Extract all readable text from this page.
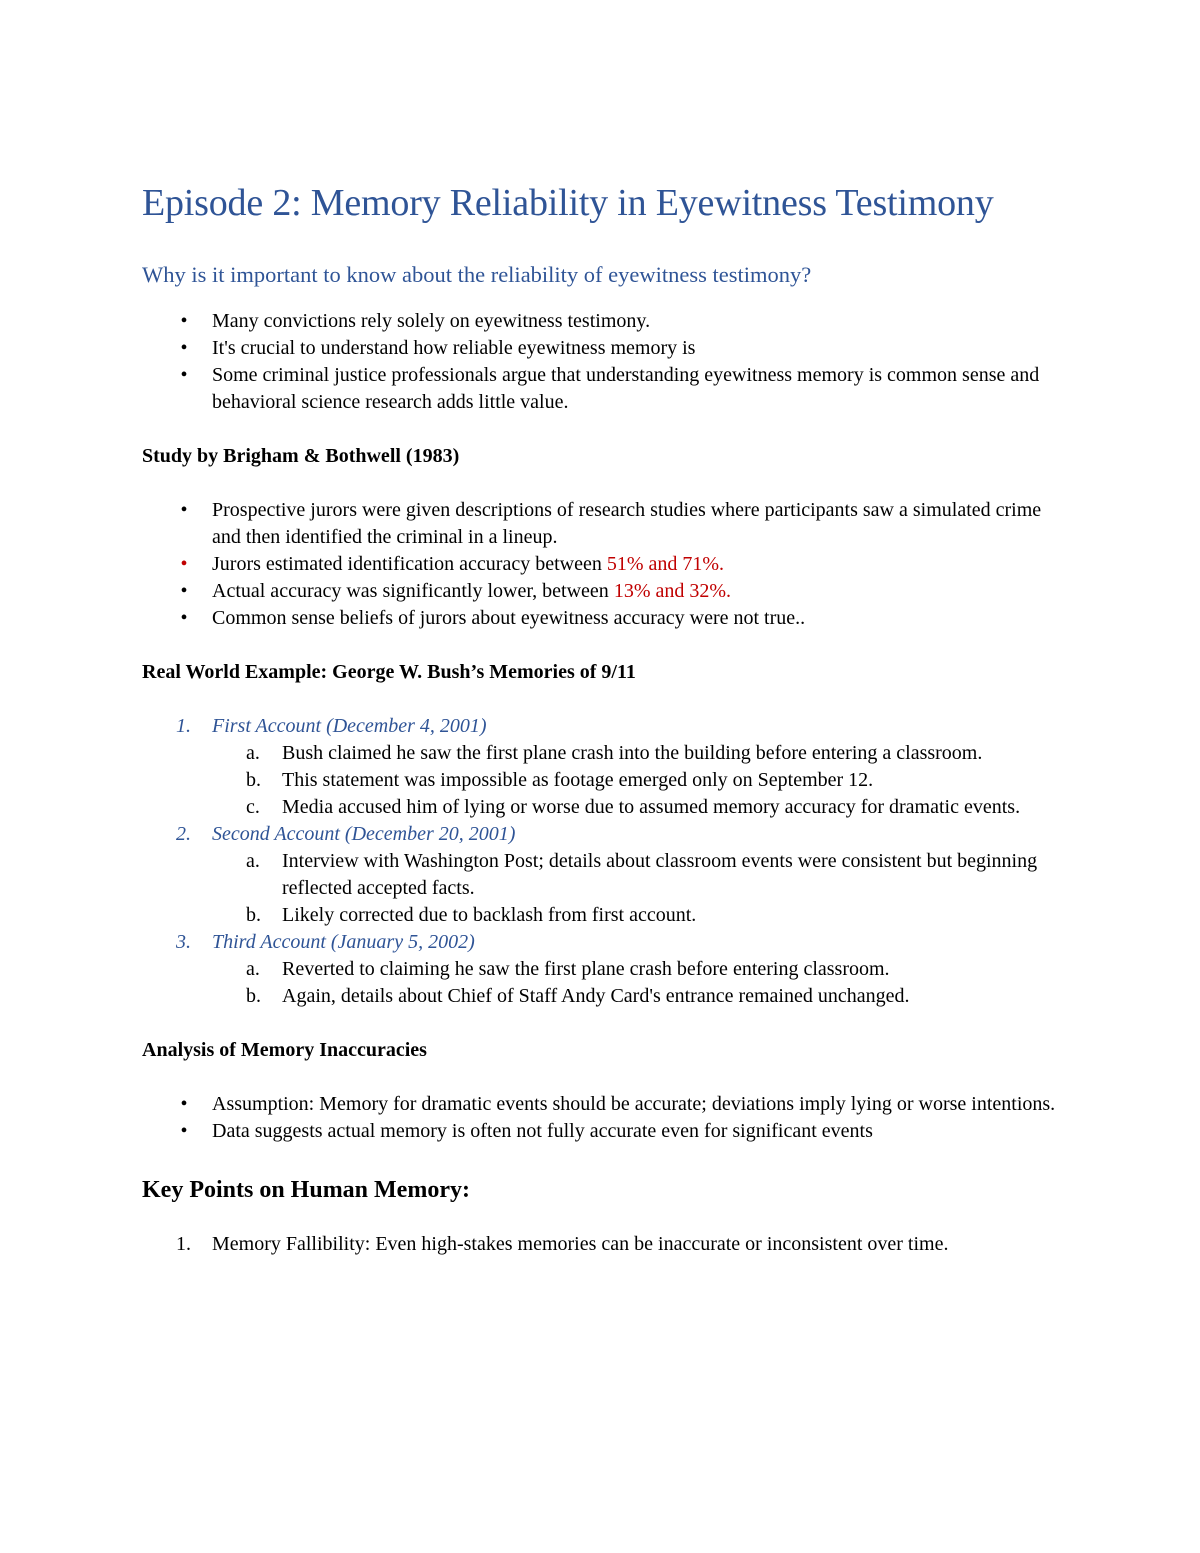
Episode 2: Memory Reliability in Eyewitness Testimony
Why is it important to know about the reliability of eyewitness testimony?
•	Many convictions rely solely on eyewitness testimony.
•	It's crucial to understand how reliable eyewitness memory is
•	Some criminal justice professionals argue that understanding eyewitness memory is common sense and behavioral science research adds little value.
Study by Brigham & Bothwell (1983)
•	Prospective jurors were given descriptions of research studies where participants saw a simulated crime and then identified the criminal in a lineup.
•	Jurors estimated identification accuracy between 51% and 71%.
•	Actual accuracy was significantly lower, between 13% and 32%.
•	Common sense beliefs of jurors about eyewitness accuracy were not true..
Real World Example: George W. Bush’s Memories of 9/11
1. First Account (December 4, 2001)
a. Bush claimed he saw the first plane crash into the building before entering a classroom.
b. This statement was impossible as footage emerged only on September 12.
c. Media accused him of lying or worse due to assumed memory accuracy for dramatic events.
2. Second Account (December 20, 2001)
a. Interview with Washington Post; details about classroom events were consistent but beginning reflected accepted facts.
b. Likely corrected due to backlash from first account.
3. Third Account (January 5, 2002)
a. Reverted to claiming he saw the first plane crash before entering classroom.
b. Again, details about Chief of Staff Andy Card's entrance remained unchanged.
Analysis of Memory Inaccuracies
•	Assumption: Memory for dramatic events should be accurate; deviations imply lying or worse intentions.
•	Data suggests actual memory is often not fully accurate even for significant events
Key Points on Human Memory:
1. Memory Fallibility: Even high-stakes memories can be inaccurate or inconsistent over time.
